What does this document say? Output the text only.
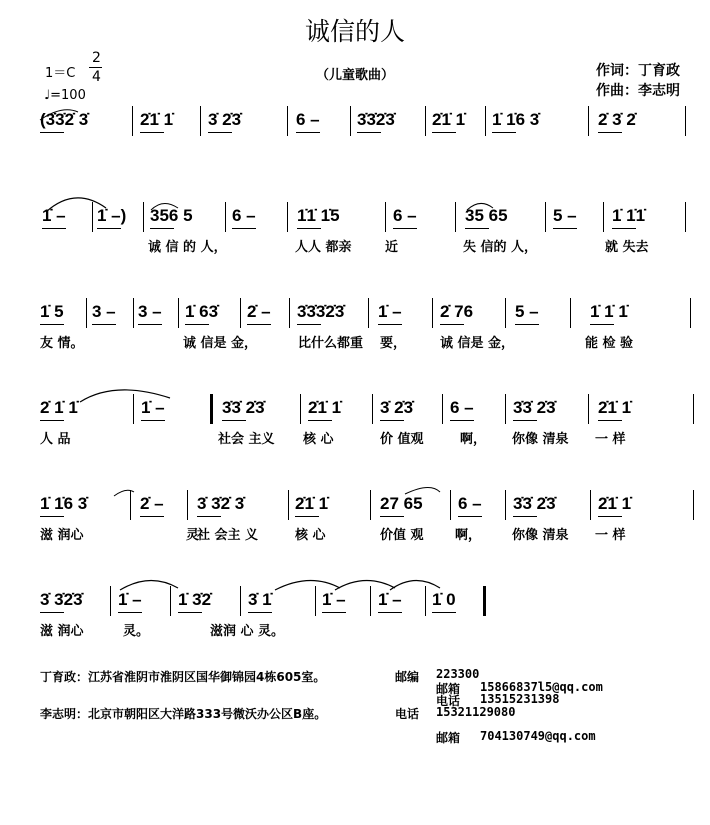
诚信的人
1＝C
2
4
♩=100
（儿童歌曲）	作词：丁育政
作曲：李志明
(3̇3̇2̇ 3̇	2̇1̇ 1̇ 3̇ 2̇3̇	6 – 3̇3̇2̇3̇ 2̇1̇ 1̇ 1̇ 1̇6 3̇	2̇ 3̇ 2̇
1̇ – 1̇ –) 356 5 6 – 1̇1̇ 1̇5	6 –	35 65	5 – 1̇ 1̇1̇
诚 信 的 人，	人人 都亲	近	失 信的 人，	就 失去
1̇ 5 3 – 3 – 1̇ 63̇ 2̇ – 3̇3̇3̇2̇3̇ 1̇ – 2̇ 76 5 –	1̇ 1̇ 1̇
友 情。	诚 信是 金，	比什么都重 要，	诚 信是 金，	能 检 验
2̇ 1̇ 1̇	1̇ –	3̇3̇ 2̇3̇	2̇1̇ 1̇ 3̇ 2̇3̇ 6 – 3̇3̇ 2̇3̇ 2̇1̇ 1̇
人 品	社会 主义 核 心	价 值观	啊， 你像 清泉 一 样
1̇ 1̇6 3̇	2̇ – 3̇ 3̇2̇ 3̇	2̇1̇ 1̇	27 65 6 – 3̇3̇ 2̇3̇ 2̇1̇ 1̇
滋 润心	灵
社 会主 义	核 心	价值 观 啊， 你像 清泉 一 样
3̇ 3̇2̇3̇ 1̇ – 1̇ 3̇2̇ 3̇ 1̇	1̇ – 1̇ – 1̇ 0
滋 润心	灵。	滋润 心 灵。
丁育政：江苏省淮阴市淮阴区国华御锦园4栋605室。	邮编 223300
邮箱 15866837l5@qq.com
电话 13515231398
李志明：北京市朝阳区大洋路333号微沃办公区B座。	电话 15321129080
邮箱 704130749@qq.com
